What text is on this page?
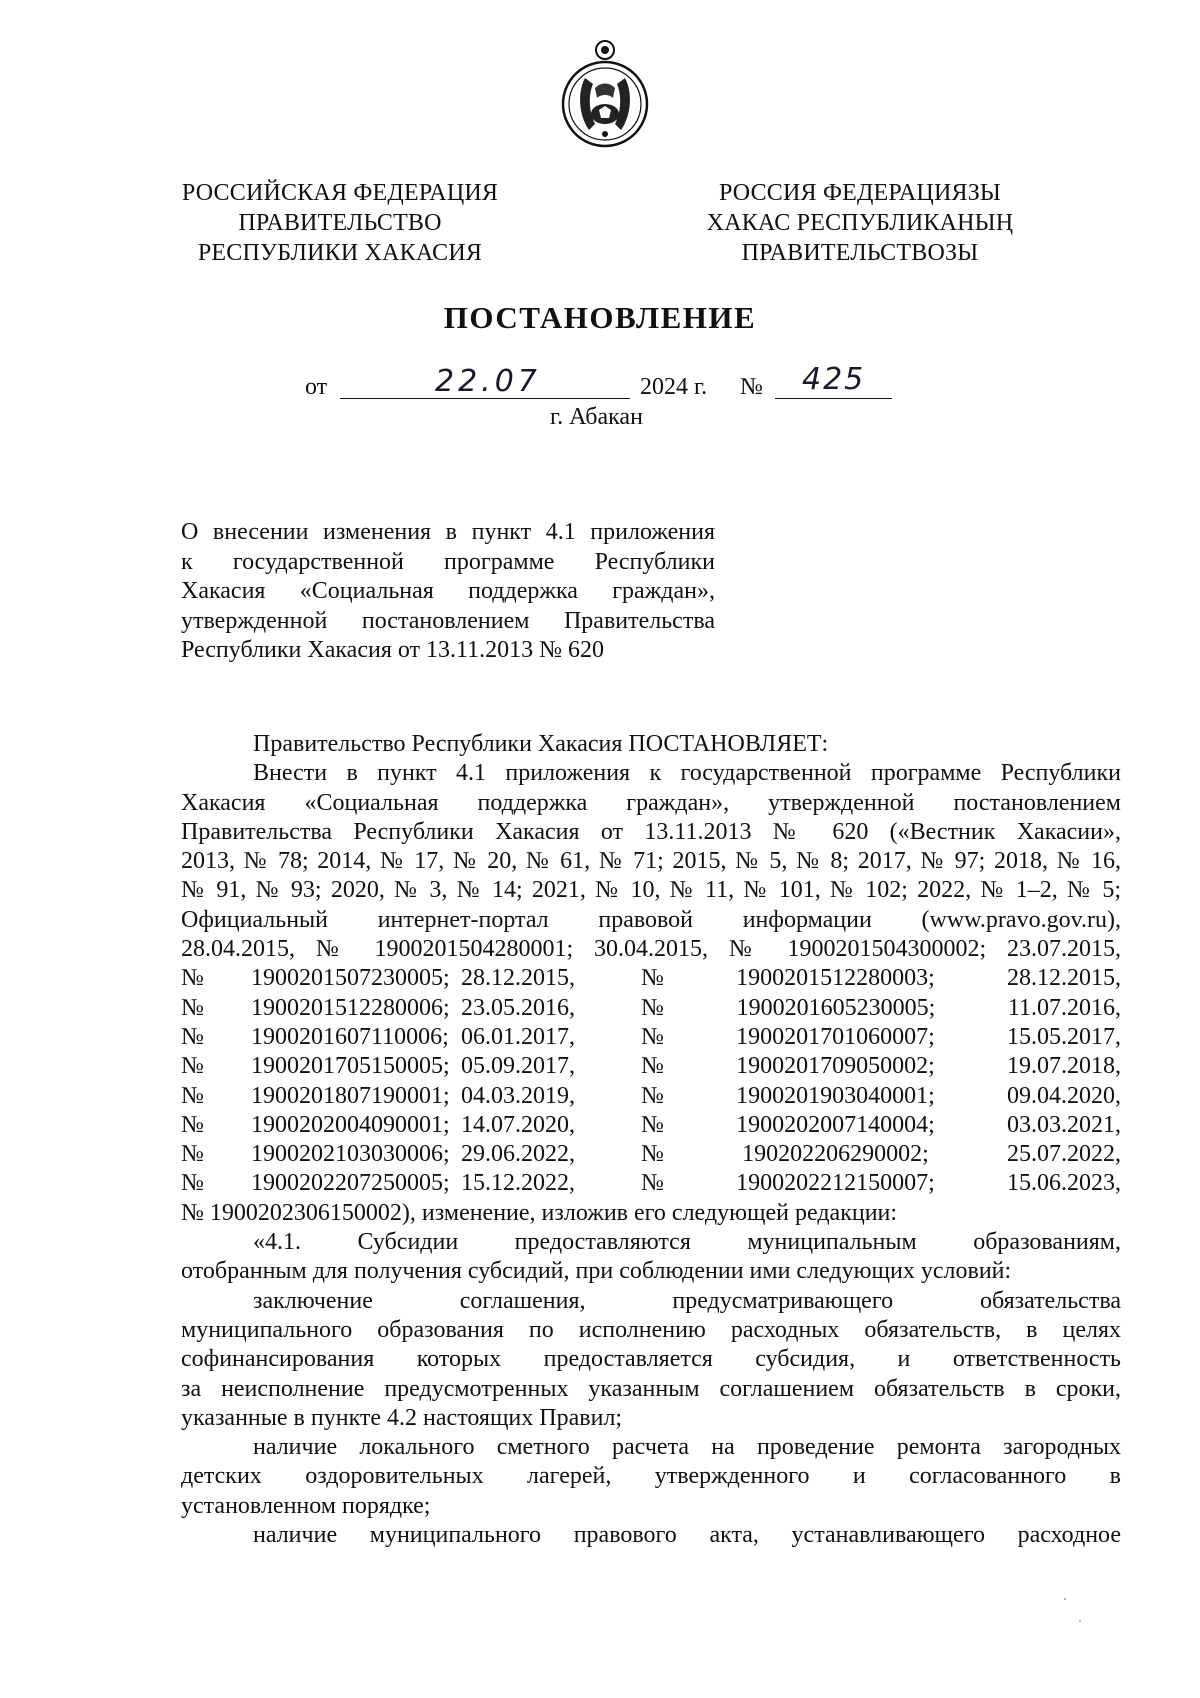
РОССИЙСКАЯ ФЕДЕРАЦИЯ
ПРАВИТЕЛЬСТВО
РЕСПУБЛИКИ ХАКАСИЯ
РОССИЯ ФЕДЕРАЦИЯЗЫ
ХАКАС РЕСПУБЛИКАНЫҢ
ПРАВИТЕЛЬСТВОЗЫ
ПОСТАНОВЛЕНИЕ
от	22.07	2024 г. № 425
г. Абакан
О внесении изменения в пункт 4.1 приложения
к государственной программе Республики
Хакасия «Социальная поддержка граждан»,
утвержденной постановлением Правительства
Республики Хакасия от 13.11.2013 № 620
Правительство Республики Хакасия ПОСТАНОВЛЯЕТ:
Внести в пункт 4.1 приложения к государственной программе Республики
Хакасия «Социальная поддержка граждан», утвержденной постановлением
Правительства Республики Хакасия от 13.11.2013 № 620 («Вестник Хакасии»,
2013, № 78; 2014, № 17, № 20, № 61, № 71; 2015, № 5, № 8; 2017, № 97; 2018, № 16,
№ 91, № 93; 2020, № 3, № 14; 2021, № 10, № 11, № 101, № 102; 2022, № 1–2, № 5;
Официальный интернет-портал правовой информации (www.pravo.gov.ru),
28.04.2015, № 1900201504280001; 30.04.2015, № 1900201504300002; 23.07.2015,
№	1900201507230005; 28.12.2015,	№	1900201512280003;	28.12.2015,
№	1900201512280006; 23.05.2016,	№	1900201605230005;	11.07.2016,
№	1900201607110006; 06.01.2017,	№	1900201701060007;	15.05.2017,
№	1900201705150005; 05.09.2017,	№	1900201709050002;	19.07.2018,
№	1900201807190001; 04.03.2019,	№	1900201903040001;	09.04.2020,
№	1900202004090001; 14.07.2020,	№	1900202007140004;	03.03.2021,
№	1900202103030006; 29.06.2022,	№	190202206290002;	25.07.2022,
№	1900202207250005; 15.12.2022,	№	1900202212150007;	15.06.2023,
№ 1900202306150002), изменение, изложив его следующей редакции:
«4.1. Субсидии предоставляются муниципальным образованиям,
отобранным для получения субсидий, при соблюдении ими следующих условий:
заключение соглашения, предусматривающего обязательства
муниципального образования по исполнению расходных обязательств, в целях
софинансирования которых предоставляется субсидия, и ответственность
за неисполнение предусмотренных указанным соглашением обязательств в сроки,
указанные в пункте 4.2 настоящих Правил;
наличие локального сметного расчета на проведение ремонта загородных
детских оздоровительных лагерей, утвержденного и согласованного в
установленном порядке;
наличие муниципального правового акта, устанавливающего расходное
